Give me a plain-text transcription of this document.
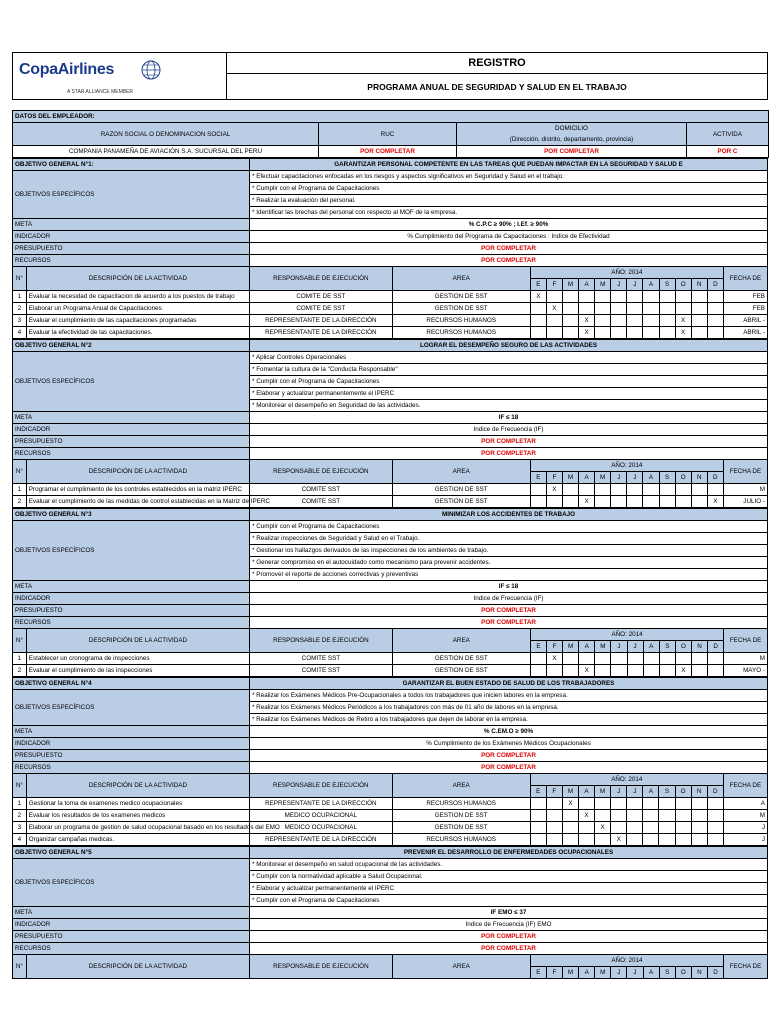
CopaAirlines
A STAR ALLIANCE MEMBER
REGISTRO
PROGRAMA ANUAL DE SEGURIDAD Y SALUD EN EL TRABAJO
DATOS DEL EMPLEADOR:			
RAZON SOCIAL O DENOMINACION SOCIAL	RUC	DOMICILIO
(Dirección, distrito, departamento, provincia)	ACTIVIDA
COMPANIA PANAMEÑA DE AVIACIÓN S.A. SUCURSAL DEL PERU	POR COMPLETAR	POR COMPLETAR	POR C
OBJETIVO GENERAL N°1:		GARANTIZAR PERSONAL COMPETENTE EN LAS TAREAS QUE PUEDAN IMPACTAR EN LA SEGURIDAD Y SALUD E														
OBJETIVOS ESPECÍFICOS		* Efectuar capacitaciones enfocadas en los riesgos y aspectos significativos en Seguridad y Salud en el trabajo.														
		* Cumplir con el Programa de Capacitaciones														
		* Realizar la evaluación del personal.														
		* Identificar las brechas del personal con respecto al MOF de la empresa.														
META		% C.P.C ≥ 90% ; I.Ef. ≥ 90%														
INDICADOR		% Cumplimiento del Programa de Capacitaciones : Indice de Efectividad														
PRESUPUESTO		POR COMPLETAR														
RECURSOS		POR COMPLETAR														
N°	DESCRIPCIÓN DE LA ACTIVIDAD	RESPONSABLE DE EJECUCIÓN	AREA	AÑO: 2014												FECHA DE
				E	F	M	A	M	J	J	A	S	O	N	D	
1	Evaluar la necesidad de capacitacion de acuerdo a los puestos de trabajo	COMITE DE SST	GESTION DE SST	X												FEB
2	Elaborar un Programa Anual de Capacitaciones	COMITE DE SST	GESTION DE SST		X											FEB
3	Evaluar el cumplimiento de las capacitaciones programadas	REPRESENTANTE DE LA DIRECCIÓN	RECURSOS HUMANOS				X						X			ABRIL -
4	Evaluar la efectividad de las capacitaciones.	REPRESENTANTE DE LA DIRECCIÓN	RECURSOS HUMANOS				X						X			ABRIL -
OBJETIVO GENERAL N°2		LOGRAR EL DESEMPEÑO SEGURO DE LAS ACTIVIDADES														
OBJETIVOS ESPECÍFICOS		* Aplicar Controles Operacionales														
		* Fomentar la cultura de la "Conducta Responsable"														
		* Cumplir con el Programa de Capacitaciones														
		* Elaborar y actualizar permanentemente el IPERC														
		* Monitorear el desempeño en Seguridad de las actividades.														
META		IF ≤ 18														
INDICADOR		Indice de Frecuencia (IF)														
PRESUPUESTO		POR COMPLETAR														
RECURSOS		POR COMPLETAR														
N°	DESCRIPCIÓN DE LA ACTIVIDAD	RESPONSABLE DE EJECUCIÓN	AREA	AÑO: 2014												FECHA DE
				E	F	M	A	M	J	J	A	S	O	N	D	
1	Programar el cumplimiento de los controles establecidos en la matriz IPERC	COMITE SST	GESTION DE SST		X											M
2	Evaluar el cumplimiento de las medidas de control establecidas en la Matriz de IPERC	COMITE SST	GESTION DE SST				X								X	JULIO -
OBJETIVO GENERAL N°3		MINIMIZAR LOS ACCIDENTES DE TRABAJO														
OBJETIVOS ESPECÍFICOS		* Cumplir con el Programa de Capacitaciones														
		* Realizar inspecciones de Seguridad y Salud en el Trabajo.														
		* Gestionar los hallazgos derivados de las inspecciones de los ambientes de trabajo.														
		* Generar compromiso en el autocuidado como mecanismo para prevenir accidentes.														
		* Promover el reporte de acciones correctivas y preventivas														
META		IF ≤ 18														
INDICADOR		Indice de Frecuencia (IF)														
PRESUPUESTO		POR COMPLETAR														
RECURSOS		POR COMPLETAR														
N°	DESCRIPCIÓN DE LA ACTIVIDAD	RESPONSABLE DE EJECUCIÓN	AREA	AÑO: 2014												FECHA DE
				E	F	M	A	M	J	J	A	S	O	N	D	
1	Establecer un cronograma de inspecciones	COMITE SST	GESTION DE SST		X											M
2	Evaluar el cumplimiento de las inspecciones	COMITE SST	GESTION DE SST				X						X			MAYO -
OBJETIVO GENERAL N°4		GARANTIZAR EL BUEN ESTADO DE SALUD DE LOS TRABAJADORES														
OBJETIVOS ESPECÍFICOS		* Realizar los Exámenes Médicos Pre-Ocupacionales a todos los trabajadores que inicien labores en la empresa.														
		* Realizar los Exámenes Médicos Periódicos a los trabajadores con más de 01 año de labores en la empresa.														
		* Realizar los Exámenes Médicos de Retiro a los trabajadores que dejen de laborar en la empresa.														
META		% C.EM.O ≥ 90%														
INDICADOR		% Cumplimiento de los Exámenes Médicos Ocupacionales														
PRESUPUESTO		POR COMPLETAR														
RECURSOS		POR COMPLETAR														
N°	DESCRIPCIÓN DE LA ACTIVIDAD	RESPONSABLE DE EJECUCIÓN	AREA	AÑO: 2014												FECHA DE
				E	F	M	A	M	J	J	A	S	O	N	D	
1	Gestionar la toma de examenes medico ocupacionales	REPRESENTANTE DE LA DIRECCIÓN	RECURSOS HUMANOS			X										A
2	Evaluar los resultados de los examenes medicos	MEDICO OCUPACIONAL	GESTION DE SST				X									M
3	Elaborar un programa de gestion de salud ocupacional basado en los resultados del EMO	MEDICO OCUPACIONAL	GESTION DE SST					X								J
4	Organizar campañas medicas.	REPRESENTANTE DE LA DIRECCIÓN	RECURSOS HUMANOS						X							J
OBJETIVO GENERAL N°5		PREVENIR EL DESARROLLO DE ENFERMEDADES OCUPACIONALES														
OBJETIVOS ESPECÍFICOS		* Monitorear el desempeño en salud ocupacional de las actividades.														
		* Cumplir con la normatividad aplicable a Salud Ocupacional.														
		* Elaborar y actualizar permanentemente el IPERC														
		* Cumplir con el Programa de Capacitaciones														
META		IF EMO ≤ 37														
INDICADOR		Indice de Frecuencia (IF) EMO														
PRESUPUESTO		POR COMPLETAR														
RECURSOS		POR COMPLETAR														
N°	DESCRIPCIÓN DE LA ACTIVIDAD	RESPONSABLE DE EJECUCIÓN	AREA	AÑO: 2014												FECHA DE
				E	F	M	A	M	J	J	A	S	O	N	D	
